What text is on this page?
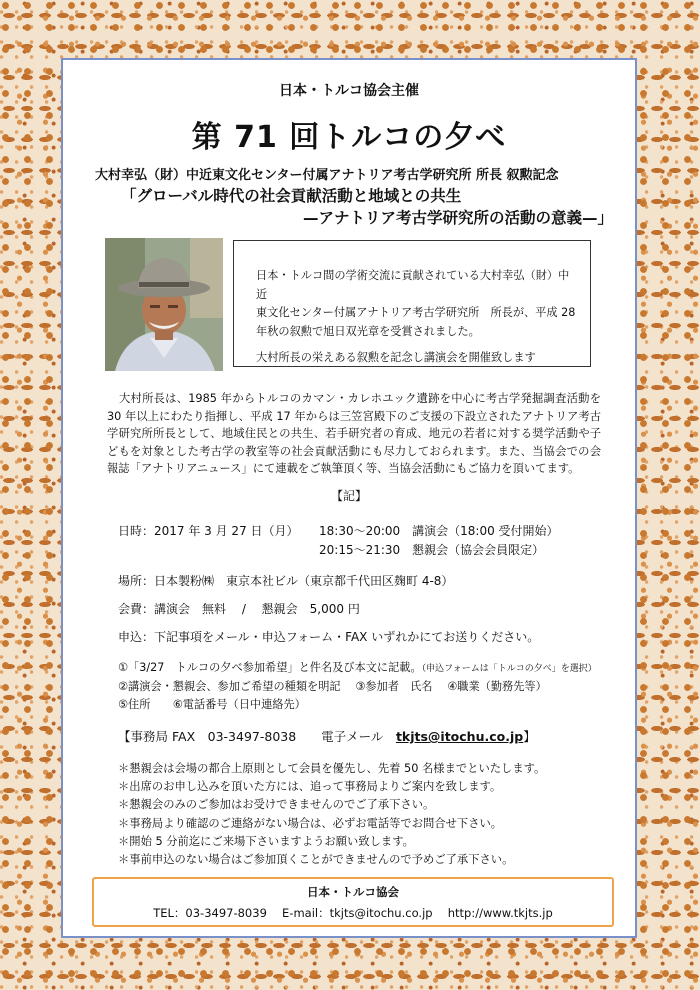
日本・トルコ協会主催
第 71 回トルコの夕べ
大村幸弘（財）中近東文化センター付属アナトリア考古学研究所 所長 叙勲記念
「グローバル時代の社会貢献活動と地域との共生
—アナトリア考古学研究所の活動の意義—」

日本・トルコ間の学術交流に貢献されている大村幸弘（財）中近

東文化センター付属アナトリア考古学研究所　所長が、平成 28

年秋の叙勲で旭日双光章を受賞されました。

大村所長の栄えある叙勲を記念し講演会を開催致します

大村所長は、1985 年からトルコのカマン・カレホユック遺跡を中心に考古学発掘調査活動を 30 年以上にわたり指揮し、平成 17 年からは三笠宮殿下のご支援の下設立されたアナトリア考古学研究所所長として、地域住民との共生、若手研究者の育成、地元の若者に対する奨学活動や子どもを対象とした考古学の教室等の社会貢献活動にも尽力しておられます。また、当協会での会報誌「アナトリアニュース」にて連載をご執筆頂く等、当協会活動にもご協力を頂いてます。
【記】
日時：2017 年 3 月 27 日（月） 18:30～20:00　講演会（18:00 受付開始）
20:15～21:30　懇親会（協会会員限定）
場所：日本製粉㈱　東京本社ビル（東京都千代田区麹町 4-8）
会費：講演会　無料　 / 　懇親会　5,000 円
申込：下記事項をメール・申込フォーム・FAX いずれかにてお送りください。
①「3/27　トルコの夕べ参加希望」と件名及び本文に記載。（申込フォームは「トルコの夕べ」を選択）
②講演会・懇親会、参加ご希望の種類を明記　 ③参加者　氏名　 ④職業（勤務先等）
⑤住所　　⑥電話番号（日中連絡先）
【事務局 FAX　03-3497-8038　　電子メール　tkjts@itochu.co.jp】
＊懇親会は会場の都合上原則として会員を優先し、先着 50 名様までといたします。
＊出席のお申し込みを頂いた方には、追って事務局よりご案内を致します。
＊懇親会のみのご参加はお受けできませんのでご了承下さい。
＊事務局より確認のご連絡がない場合は、必ずお電話等でお問合せ下さい。
＊開始 5 分前迄にご来場下さいますようお願い致します。
＊事前申込のない場合はご参加頂くことができませんので予めご了承下さい。
日本・トルコ協会
TEL：03-3497-8039　 E-mail：tkjts@itochu.co.jp　 http://www.tkjts.jp
